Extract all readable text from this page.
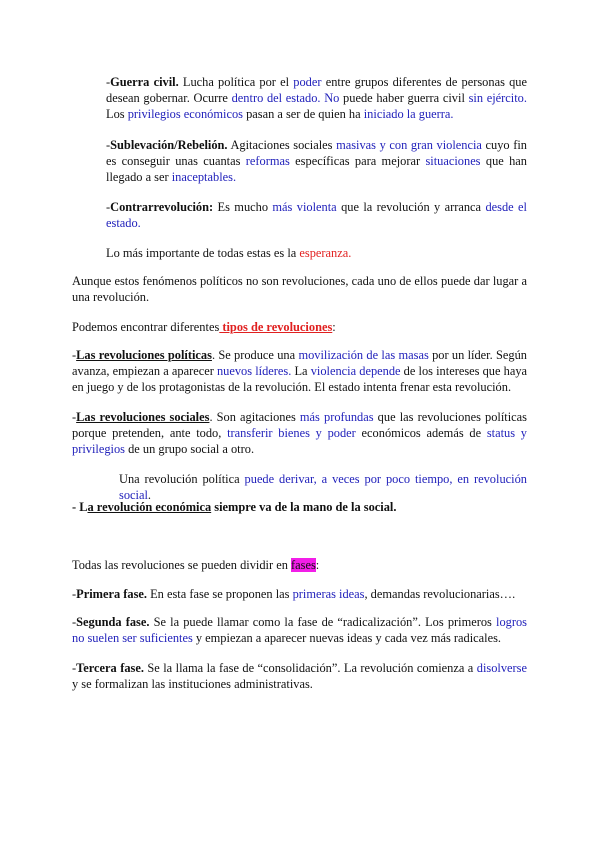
-Guerra civil. Lucha política por el poder entre grupos diferentes de personas que desean gobernar. Ocurre dentro del estado. No puede haber guerra civil sin ejército. Los privilegios económicos pasan a ser de quien ha iniciado la guerra.

-Sublevación/Rebelión. Agitaciones sociales masivas y con gran violencia cuyo fin es conseguir unas cuantas reformas específicas para mejorar situaciones que han llegado a ser inaceptables.

-Contrarrevolución: Es mucho más violenta que la revolución y arranca desde el estado.

Lo más importante de todas estas es la esperanza.

Aunque estos fenómenos políticos no son revoluciones, cada uno de ellos puede dar lugar a una revolución.

Podemos encontrar diferentes tipos de revoluciones:

-Las revoluciones políticas. Se produce una movilización de las masas por un líder. Según avanza, empiezan a aparecer nuevos líderes. La violencia depende de los intereses que haya en juego y de los protagonistas de la revolución. El estado intenta frenar esta revolución.

-Las revoluciones sociales. Son agitaciones más profundas que las revoluciones políticas porque pretenden, ante todo, transferir bienes y poder económicos además de status y privilegios de un grupo social a otro.

Una revolución política puede derivar, a veces por poco tiempo, en revolución social.

- La revolución económica siempre va de la mano de la social.

Todas las revoluciones se pueden dividir en fases:

-Primera fase. En esta fase se proponen las primeras ideas, demandas revolucionarias….

-Segunda fase. Se la puede llamar como la fase de “radicalización”. Los primeros logros no suelen ser suficientes y empiezan a aparecer nuevas ideas y cada vez más radicales.

-Tercera fase. Se la llama la fase de “consolidación”. La revolución comienza a disolverse y se formalizan las instituciones administrativas.
